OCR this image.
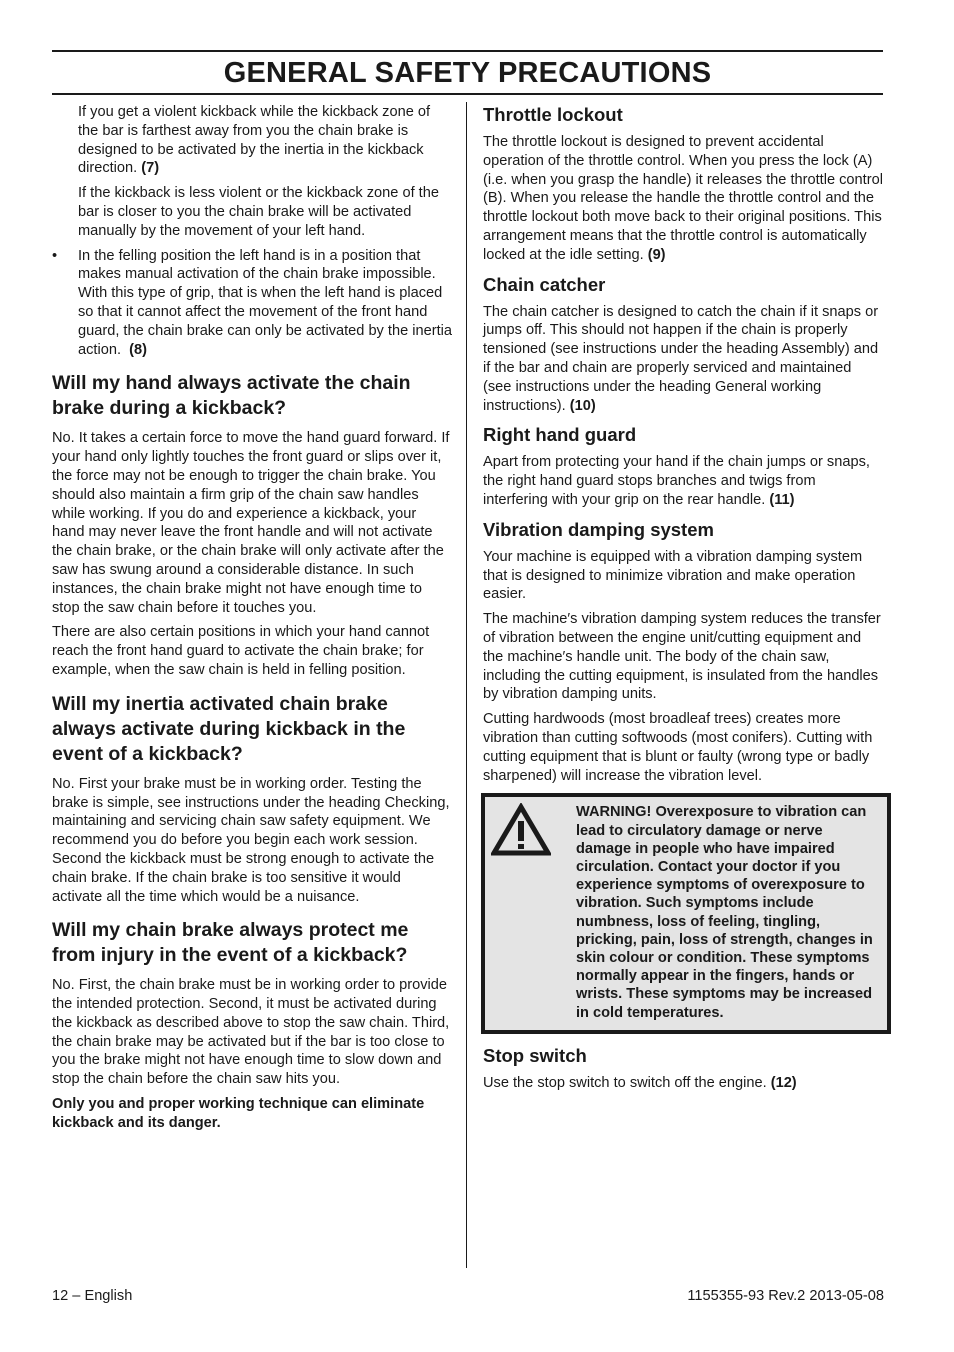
GENERAL SAFETY PRECAUTIONS

If you get a violent kickback while the kickback zone of the bar is farthest away from you the chain brake is designed to be activated by the inertia in the kickback direction. (7)

If the kickback is less violent or the kickback zone of the bar is closer to you the chain brake will be activated manually by the movement of your left hand.

• In the felling position the left hand is in a position that makes manual activation of the chain brake impossible. With this type of grip, that is when the left hand is placed so that it cannot affect the movement of the front hand guard, the chain brake can only be activated by the inertia action. (8)

Will my hand always activate the chain brake during a kickback?

No. It takes a certain force to move the hand guard forward. If your hand only lightly touches the front guard or slips over it, the force may not be enough to trigger the chain brake. You should also maintain a firm grip of the chain saw handles while working. If you do and experience a kickback, your hand may never leave the front handle and will not activate the chain brake, or the chain brake will only activate after the saw has swung around a considerable distance. In such instances, the chain brake might not have enough time to stop the saw chain before it touches you.

There are also certain positions in which your hand cannot reach the front hand guard to activate the chain brake; for example, when the saw chain is held in felling position.

Will my inertia activated chain brake always activate during kickback in the event of a kickback?

No. First your brake must be in working order. Testing the brake is simple, see instructions under the heading Checking, maintaining and servicing chain saw safety equipment. We recommend you do before you begin each work session. Second the kickback must be strong enough to activate the chain brake. If the chain brake is too sensitive it would activate all the time which would be a nuisance.

Will my chain brake always protect me from injury in the event of a kickback?

No. First, the chain brake must be in working order to provide the intended protection. Second, it must be activated during the kickback as described above to stop the saw chain. Third, the chain brake may be activated but if the bar is too close to you the brake might not have enough time to slow down and stop the chain before the chain saw hits you.

Only you and proper working technique can eliminate kickback and its danger.

Throttle lockout

The throttle lockout is designed to prevent accidental operation of the throttle control. When you press the lock (A) (i.e. when you grasp the handle) it releases the throttle control (B). When you release the handle the throttle control and the throttle lockout both move back to their original positions. This arrangement means that the throttle control is automatically locked at the idle setting. (9)

Chain catcher

The chain catcher is designed to catch the chain if it snaps or jumps off. This should not happen if the chain is properly tensioned (see instructions under the heading Assembly) and if the bar and chain are properly serviced and maintained (see instructions under the heading General working instructions). (10)

Right hand guard

Apart from protecting your hand if the chain jumps or snaps, the right hand guard stops branches and twigs from interfering with your grip on the rear handle. (11)

Vibration damping system

Your machine is equipped with a vibration damping system that is designed to minimize vibration and make operation easier.

The machine′s vibration damping system reduces the transfer of vibration between the engine unit/cutting equipment and the machine′s handle unit. The body of the chain saw, including the cutting equipment, is insulated from the handles by vibration damping units.

Cutting hardwoods (most broadleaf trees) creates more vibration than cutting softwoods (most conifers). Cutting with cutting equipment that is blunt or faulty (wrong type or badly sharpened) will increase the vibration level.

WARNING! Overexposure to vibration can lead to circulatory damage or nerve damage in people who have impaired circulation. Contact your doctor if you experience symptoms of overexposure to vibration. Such symptoms include numbness, loss of feeling, tingling, pricking, pain, loss of strength, changes in skin colour or condition. These symptoms normally appear in the fingers, hands or wrists. These symptoms may be increased in cold temperatures.

Stop switch

Use the stop switch to switch off the engine. (12)

12 – English	1155355-93 Rev.2 2013-05-08
